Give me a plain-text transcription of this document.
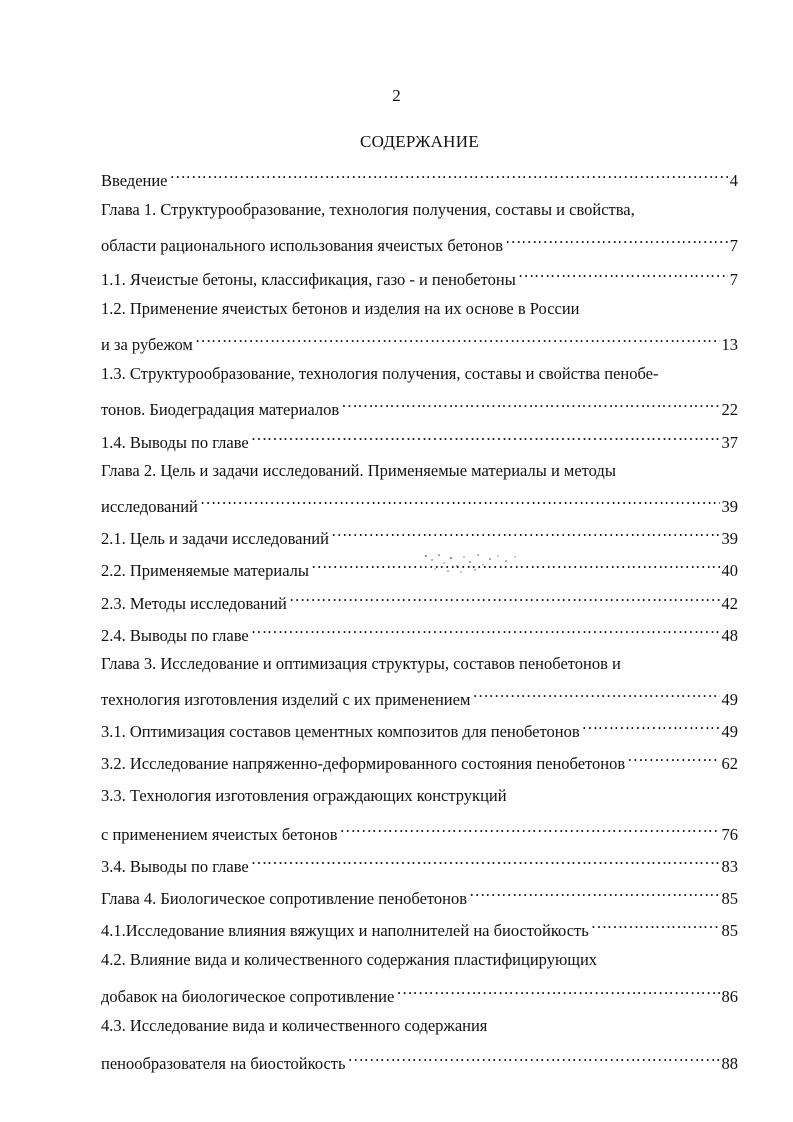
2
СОДЕРЖАНИЕ
Введение ……………………………………………………………………………………………………………………………………………………………………………………………………………………………	4
Глава 1. Структурообразование, технология получения, составы и свойства,
области рационального использования ячеистых бетонов ……………………………………………………………………………………………………………………………………………………………………………………………………………………………	7
1.1. Ячеистые бетоны, классификация, газо - и пенобетоны ……………………………………………………………………………………………………………………………………………………………………………………………………………………………	7
1.2. Применение ячеистых бетонов и изделия на их основе в России
и за рубежом ……………………………………………………………………………………………………………………………………………………………………………………………………………………………	13
1.3. Структурообразование, технология получения, составы и свойства пенобе-
тонов. Биодеградация материалов ……………………………………………………………………………………………………………………………………………………………………………………………………………………………	22
1.4. Выводы по главе ……………………………………………………………………………………………………………………………………………………………………………………………………………………………	37
Глава 2. Цель и задачи исследований. Применяемые материалы и методы
исследований ……………………………………………………………………………………………………………………………………………………………………………………………………………………………	39
2.1. Цель и задачи исследований ……………………………………………………………………………………………………………………………………………………………………………………………………………………………	39
2.2. Применяемые материалы ……………………………………………………………………………………………………………………………………………………………………………………………………………………………	40
2.3. Методы исследований ……………………………………………………………………………………………………………………………………………………………………………………………………………………………	42
2.4. Выводы по главе ……………………………………………………………………………………………………………………………………………………………………………………………………………………………	48
Глава 3. Исследование и оптимизация структуры, составов пенобетонов и
технология изготовления изделий с их применением ……………………………………………………………………………………………………………………………………………………………………………………………………………………………	49
3.1. Оптимизация составов цементных композитов для пенобетонов ……………………………………………………………………………………………………………………………………………………………………………………………………………………………	49
3.2. Исследование напряженно-деформированного состояния пенобетонов ……………………………………………………………………………………………………………………………………………………………………………………………………………………………	62
3.3. Технология изготовления ограждающих конструкций
с применением ячеистых бетонов ……………………………………………………………………………………………………………………………………………………………………………………………………………………………	76
3.4. Выводы по главе ……………………………………………………………………………………………………………………………………………………………………………………………………………………………	83
Глава 4. Биологическое сопротивление пенобетонов ……………………………………………………………………………………………………………………………………………………………………………………………………………………………	85
4.1.Исследование влияния вяжущих и наполнителей на биостойкость ……………………………………………………………………………………………………………………………………………………………………………………………………………………………	85
4.2. Влияние вида и количественного содержания пластифицирующих
добавок на биологическое сопротивление ……………………………………………………………………………………………………………………………………………………………………………………………………………………………	86
4.3. Исследование вида и количественного содержания
пенообразователя на биостойкость ……………………………………………………………………………………………………………………………………………………………………………………………………………………………	88
